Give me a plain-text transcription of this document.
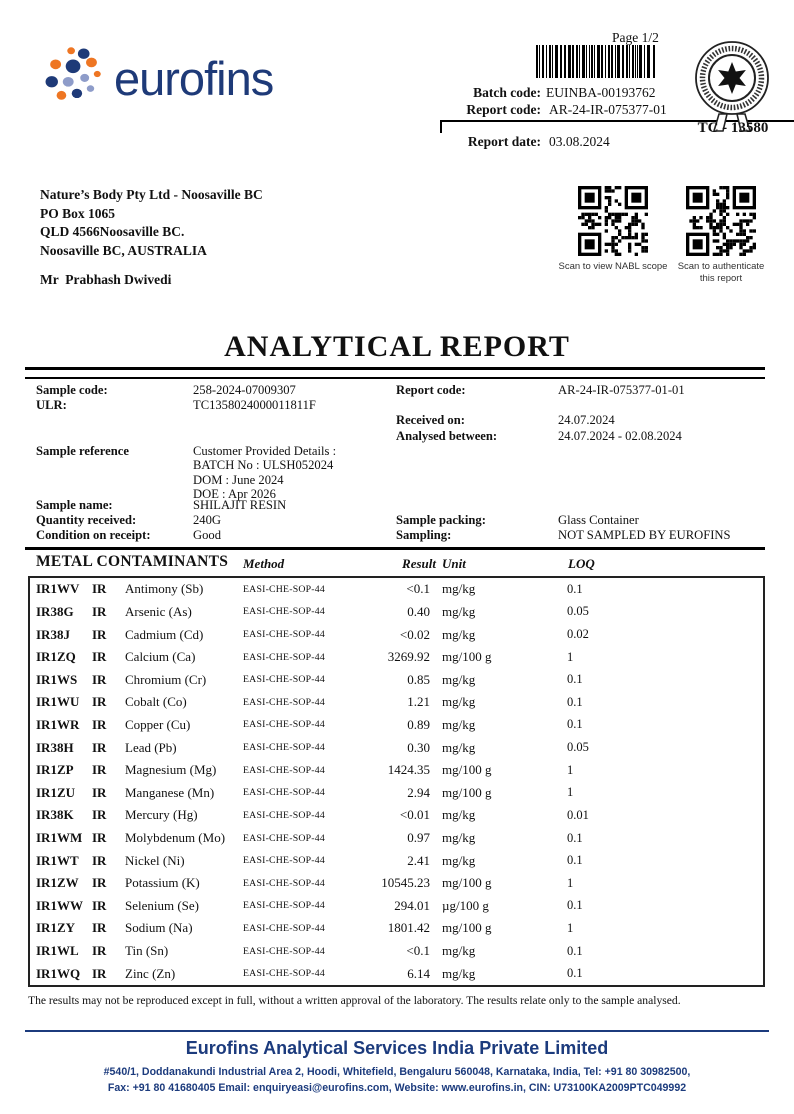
eurofins
Page 1/2
Batch code: EUINBA-00193762
Report code: AR-24-IR-075377-01
Report date: 03.08.2024
TC - 13580
Nature’s Body Pty Ltd - Noosaville BC
PO Box 1065
QLD 4566Noosaville BC.
Noosaville BC, AUSTRALIA
Mr  Prabhash Dwivedi
Scan to view NABL scope	Scan to authenticate
this report
ANALYTICAL REPORT
Sample code:	258-2024-07009307	Report code:	AR-24-IR-075377-01-01
ULR:	TC1358024000011811F
Received on:	24.07.2024
Analysed between:	24.07.2024 - 02.08.2024
Sample reference	Customer Provided Details :
BATCH No : ULSH052024
DOM : June 2024
DOE : Apr 2026
Sample name:	SHILAJIT RESIN
Quantity received:	240G	Sample packing:	Glass Container
Condition on receipt:	Good	Sampling:	NOT SAMPLED BY EUROFINS
METAL CONTAMINANTS Method	Result Unit	LOQ
IR1WV IR	Antimony (Sb)	EASI-CHE-SOP-44	<0.1 mg/kg	0.1
IR38G	IR	Arsenic (As)	EASI-CHE-SOP-44	0.40 mg/kg	0.05
IR38J	IR	Cadmium (Cd)	EASI-CHE-SOP-44	<0.02 mg/kg	0.02
IR1ZQ	IR	Calcium (Ca)	EASI-CHE-SOP-44	3269.92 mg/100 g	1
IR1WS	IR	Chromium (Cr)	EASI-CHE-SOP-44	0.85 mg/kg	0.1
IR1WU IR	Cobalt (Co)	EASI-CHE-SOP-44	1.21 mg/kg	0.1
IR1WR IR	Copper (Cu)	EASI-CHE-SOP-44	0.89 mg/kg	0.1
IR38H	IR	Lead (Pb)	EASI-CHE-SOP-44	0.30 mg/kg	0.05
IR1ZP	IR	Magnesium (Mg)	EASI-CHE-SOP-44	1424.35 mg/100 g	1
IR1ZU	IR	Manganese (Mn)	EASI-CHE-SOP-44	2.94 mg/100 g	1
IR38K	IR	Mercury (Hg)	EASI-CHE-SOP-44	<0.01 mg/kg	0.01
IR1WM IR	Molybdenum (Mo)	EASI-CHE-SOP-44	0.97 mg/kg	0.1
IR1WT	IR	Nickel (Ni)	EASI-CHE-SOP-44	2.41 mg/kg	0.1
IR1ZW	IR	Potassium (K)	EASI-CHE-SOP-44	10545.23 mg/100 g	1
IR1WW IR	Selenium (Se)	EASI-CHE-SOP-44	294.01 µg/100 g	0.1
IR1ZY	IR	Sodium (Na)	EASI-CHE-SOP-44	1801.42 mg/100 g	1
IR1WL	IR	Tin (Sn)	EASI-CHE-SOP-44	<0.1 mg/kg	0.1
IR1WQ IR	Zinc (Zn)	EASI-CHE-SOP-44	6.14 mg/kg	0.1
The results may not be reproduced except in full, without a written approval of the laboratory. The results relate only to the sample analysed.
Eurofins Analytical Services India Private Limited
#540/1, Doddanakundi Industrial Area 2, Hoodi, Whitefield, Bengaluru 560048, Karnataka, India, Tel: +91 80 30982500,
Fax: +91 80 41680405 Email: enquiryeasi@eurofins.com, Website: www.eurofins.in, CIN: U73100KA2009PTC049992
